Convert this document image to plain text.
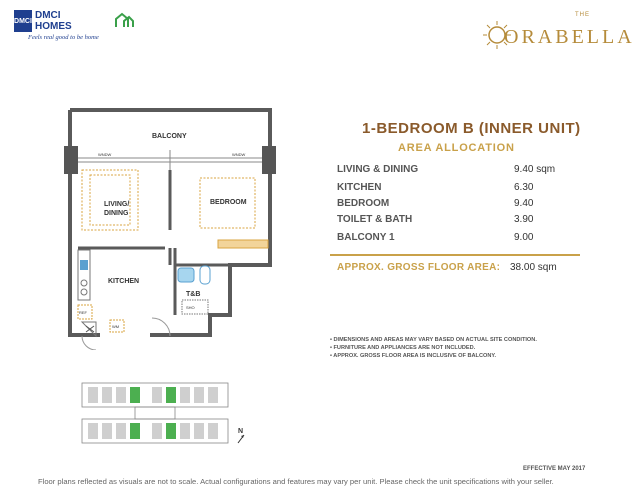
DMCI DMCI
HOMES
Feels real good to be home
THE
ORABELLA
BALCONY
WNDW	WNDW
LIVING/ DINING
BEDROOM
KITCHEN
REF
WM
T&B
SHO
1-BEDROOM B (INNER UNIT)
AREA ALLOCATION
LIVING & DINING	9.40 sqm
KITCHEN	6.30
BEDROOM	9.40
TOILET & BATH	3.90
BALCONY 1	9.00
APPROX. GROSS FLOOR AREA: 38.00 sqm
• DIMENSIONS AND AREAS MAY VARY BASED ON ACTUAL SITE CONDITION.
• FURNITURE AND APPLIANCES ARE NOT INCLUDED.
• APPROX. GROSS FLOOR AREA IS INCLUSIVE OF BALCONY.
N
EFFECTIVE MAY 2017
Floor plans reflected as visuals are not to scale. Actual configurations and features may vary per unit. Please check the unit specifications with your seller.
